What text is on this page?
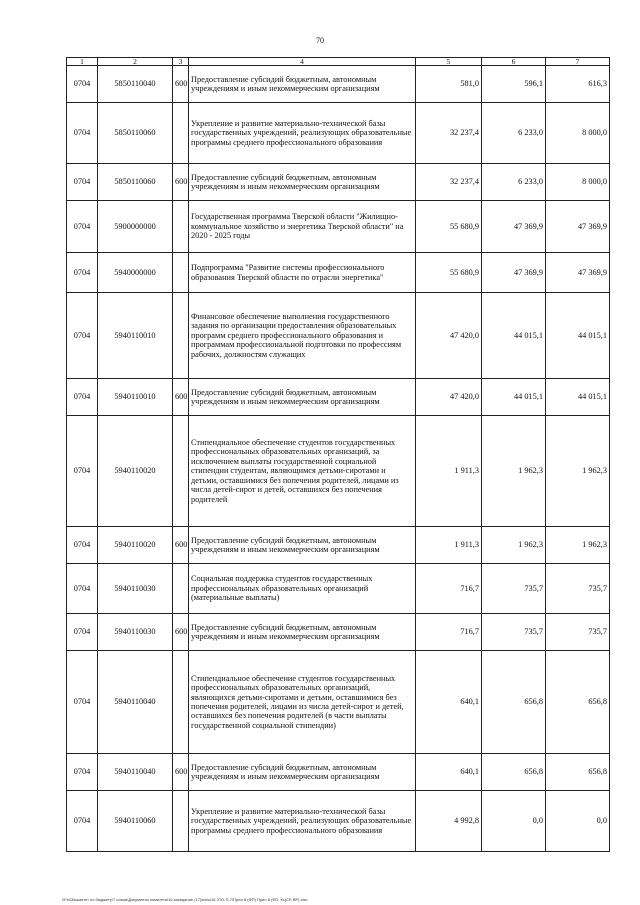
70
1	2	3	4	5	6	7
0704	5850110040	600	Предоставление субсидий бюджетным, автономным учреждениям и иным некоммерческим организациям	581,0	596,1	616,3
0704	5850110060		Укрепление и развитие материально-технической базы государственных учреждений, реализующих образовательные программы среднего профессионального образования	32 237,4	6 233,0	8 000,0
0704	5850110060	600	Предоставление субсидий бюджетным, автономным учреждениям и иным некоммерческим организациям	32 237,4	6 233,0	8 000,0
0704	5900000000		Государственная программа Тверской области "Жилищно-коммунальное хозяйство и энергетика Тверской области" на 2020 - 2025 годы	55 680,9	47 369,9	47 369,9
0704	5940000000		Подпрограмма "Развитие системы профессионального образования Тверской области по отрасли энергетика"	55 680,9	47 369,9	47 369,9
0704	5940110010		Финансовое обеспечение выполнения государственного задания по организации предоставления образовательных программ среднего профессионального образования и программам профессиональной подготовки по профессиям рабочих, должностям служащих	47 420,0	44 015,1	44 015,1
0704	5940110010	600	Предоставление субсидий бюджетным, автономным учреждениям и иным некоммерческим организациям	47 420,0	44 015,1	44 015,1
0704	5940110020		Стипендиальное обеспечение студентов государственных профессиональных образовательных организаций, за исключением выплаты государственной социальной стипендии студентам, являющимся детьми-сиротами и детьми, оставшимися без попечения родителей, лицами из числа детей-сирот и детей, оставшихся без попечения родителей	1 911,3	1 962,3	1 962,3
0704	5940110020	600	Предоставление субсидий бюджетным, автономным учреждениям и иным некоммерческим организациям	1 911,3	1 962,3	1 962,3
0704	5940110030		Социальная поддержка студентов государственных профессиональных образовательных организаций (материальные выплаты)	716,7	735,7	735,7
0704	5940110030	600	Предоставление субсидий бюджетным, автономным учреждениям и иным некоммерческим организациям	716,7	735,7	735,7
0704	5940110040		Стипендиальное обеспечение студентов государственных профессиональных образовательных организаций, являющихся детьми-сиротами и детьми, оставшимися без попечения родителей, лицами из числа детей-сирот и детей, оставшихся без попечения родителей (в части выплаты государственной социальной стипендии)	640,1	656,8	656,8
0704	5940110040	600	Предоставление субсидий бюджетным, автономным учреждениям и иным некоммерческим организациям	640,1	656,8	656,8
0704	5940110060		Укрепление и развитие материально-технической базы государственных учреждений, реализующих образовательные программы среднего профессионального образования	4 992,8	0,0	0,0
\\Fs03\комитет по бюджету\7 созыв\Документы комитета\16 заседание (17)\к\к\к\16 ЗТО-П-7\Прил 8 (ФП) Прил 8 (ФП, КЦСР, ВР).xlsx
